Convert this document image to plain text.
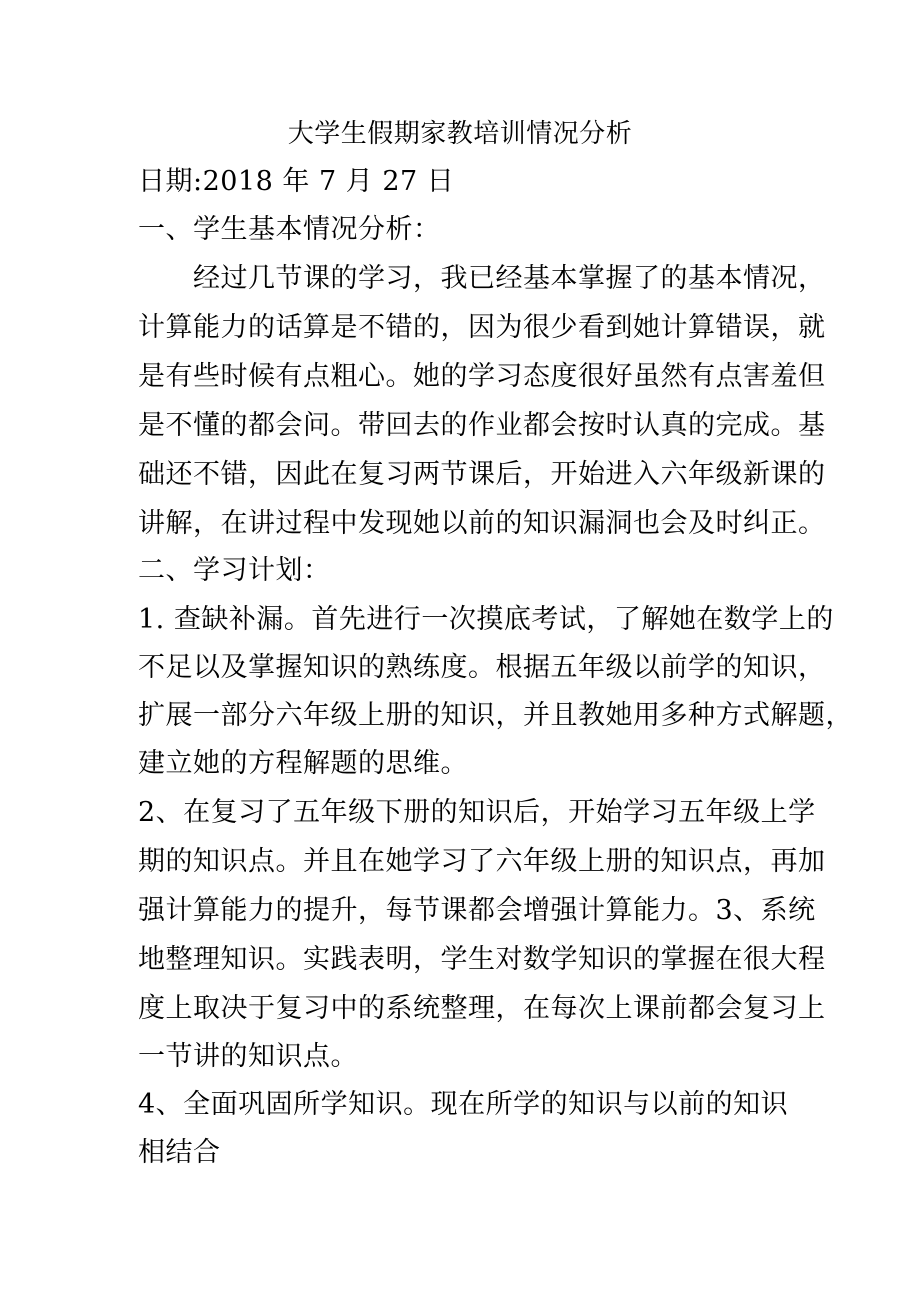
大学生假期家教培训情况分析
日期:2018 年 7 月 27 日
一、学生基本情况分析：
　　经过几节课的学习，我已经基本掌握了的基本情况，
计算能力的话算是不错的，因为很少看到她计算错误，就
是有些时候有点粗心。她的学习态度很好虽然有点害羞但
是不懂的都会问。带回去的作业都会按时认真的完成。基
础还不错，因此在复习两节课后，开始进入六年级新课的
讲解，在讲过程中发现她以前的知识漏洞也会及时纠正。
二、学习计划：
1. 查缺补漏。首先进行一次摸底考试，了解她在数学上的
不足以及掌握知识的熟练度。根据五年级以前学的知识，
扩展一部分六年级上册的知识，并且教她用多种方式解题，
建立她的方程解题的思维。
2、在复习了五年级下册的知识后，开始学习五年级上学
期的知识点。并且在她学习了六年级上册的知识点，再加
强计算能力的提升，每节课都会增强计算能力。3、系统
地整理知识。实践表明，学生对数学知识的掌握在很大程
度上取决于复习中的系统整理，在每次上课前都会复习上
一节讲的知识点。
4、全面巩固所学知识。现在所学的知识与以前的知识
相结合
